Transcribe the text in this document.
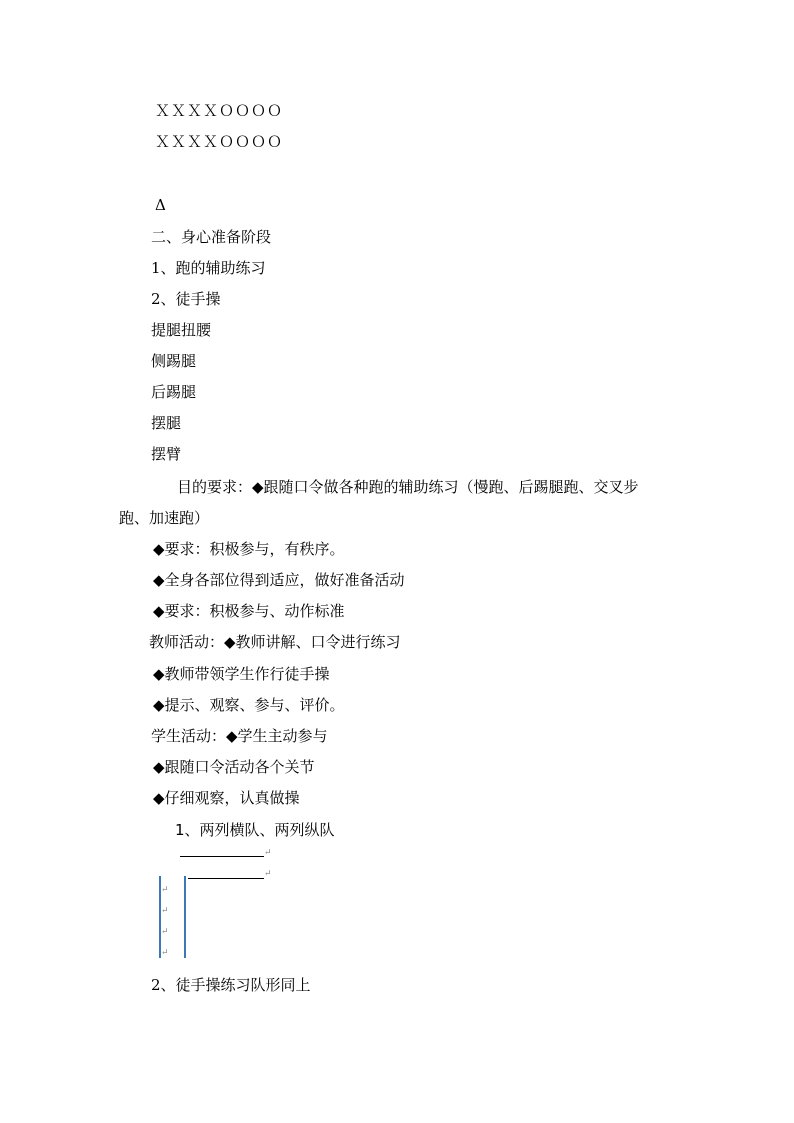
ＸＸＸＸＯＯＯＯ
ＸＸＸＸＯＯＯＯ
Δ
二、身心准备阶段
1、跑的辅助练习
2、徒手操
提腿扭腰
侧踢腿
后踢腿
摆腿
摆臂
目的要求：◆跟随口令做各种跑的辅助练习（慢跑、后踢腿跑、交叉步
跑、加速跑）
◆要求：积极参与，有秩序。
◆全身各部位得到适应，做好准备活动
◆要求：积极参与、动作标准
教师活动：◆教师讲解、口令进行练习
◆教师带领学生作行徒手操
◆提示、观察、参与、评价。
学生活动：◆学生主动参与
◆跟随口令活动各个关节
◆仔细观察，认真做操
1、两列横队、两列纵队
↵
↵
↵
↵
↵
↵
2、徒手操练习队形同上
